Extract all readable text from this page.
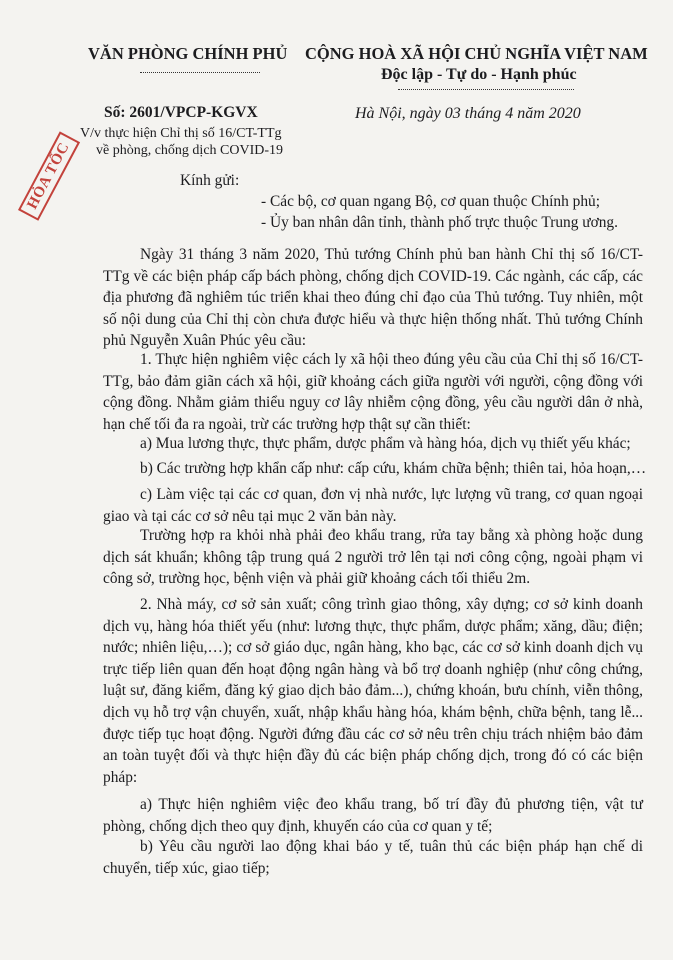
VĂN PHÒNG CHÍNH PHỦ CỘNG HOÀ XÃ HỘI CHỦ NGHĨA VIỆT NAM
Độc lập - Tự do - Hạnh phúc
Số: 2601/VPCP-KGVX
V/v thực hiện Chỉ thị số 16/CT-TTg
về phòng, chống dịch COVID-19
Hà Nội, ngày 03 tháng 4 năm 2020
HỎA TỐC	Kính gửi:
- Các bộ, cơ quan ngang Bộ, cơ quan thuộc Chính phủ;
- Ủy ban nhân dân tỉnh, thành phố trực thuộc Trung ương.
Ngày 31 tháng 3 năm 2020, Thủ tướng Chính phủ ban hành Chỉ thị số 16/CT-TTg về các biện pháp cấp bách phòng, chống dịch COVID-19. Các ngành, các cấp, các địa phương đã nghiêm túc triển khai theo đúng chỉ đạo của Thủ tướng. Tuy nhiên, một số nội dung của Chỉ thị còn chưa được hiểu và thực hiện thống nhất. Thủ tướng Chính phủ Nguyễn Xuân Phúc yêu cầu:
1. Thực hiện nghiêm việc cách ly xã hội theo đúng yêu cầu của Chỉ thị số 16/CT-TTg, bảo đảm giãn cách xã hội, giữ khoảng cách giữa người với người, cộng đồng với cộng đồng. Nhằm giảm thiểu nguy cơ lây nhiễm cộng đồng, yêu cầu người dân ở nhà, hạn chế tối đa ra ngoài, trừ các trường hợp thật sự cần thiết:
a) Mua lương thực, thực phẩm, dược phẩm và hàng hóa, dịch vụ thiết yếu khác;
b) Các trường hợp khẩn cấp như: cấp cứu, khám chữa bệnh; thiên tai, hỏa hoạn,…
c) Làm việc tại các cơ quan, đơn vị nhà nước, lực lượng vũ trang, cơ quan ngoại giao và tại các cơ sở nêu tại mục 2 văn bản này.
Trường hợp ra khỏi nhà phải đeo khẩu trang, rửa tay bằng xà phòng hoặc dung dịch sát khuẩn; không tập trung quá 2 người trở lên tại nơi công cộng, ngoài phạm vi công sở, trường học, bệnh viện và phải giữ khoảng cách tối thiểu 2m.
2. Nhà máy, cơ sở sản xuất; công trình giao thông, xây dựng; cơ sở kinh doanh dịch vụ, hàng hóa thiết yếu (như: lương thực, thực phẩm, dược phẩm; xăng, dầu; điện; nước; nhiên liệu,…); cơ sở giáo dục, ngân hàng, kho bạc, các cơ sở kinh doanh dịch vụ trực tiếp liên quan đến hoạt động ngân hàng và bổ trợ doanh nghiệp (như công chứng, luật sư, đăng kiểm, đăng ký giao dịch bảo đảm...), chứng khoán, bưu chính, viễn thông, dịch vụ hỗ trợ vận chuyển, xuất, nhập khẩu hàng hóa, khám bệnh, chữa bệnh, tang lễ... được tiếp tục hoạt động. Người đứng đầu các cơ sở nêu trên chịu trách nhiệm bảo đảm an toàn tuyệt đối và thực hiện đầy đủ các biện pháp chống dịch, trong đó có các biện pháp:
a) Thực hiện nghiêm việc đeo khẩu trang, bố trí đầy đủ phương tiện, vật tư phòng, chống dịch theo quy định, khuyến cáo của cơ quan y tế;
b) Yêu cầu người lao động khai báo y tế, tuân thủ các biện pháp hạn chế di chuyển, tiếp xúc, giao tiếp;
